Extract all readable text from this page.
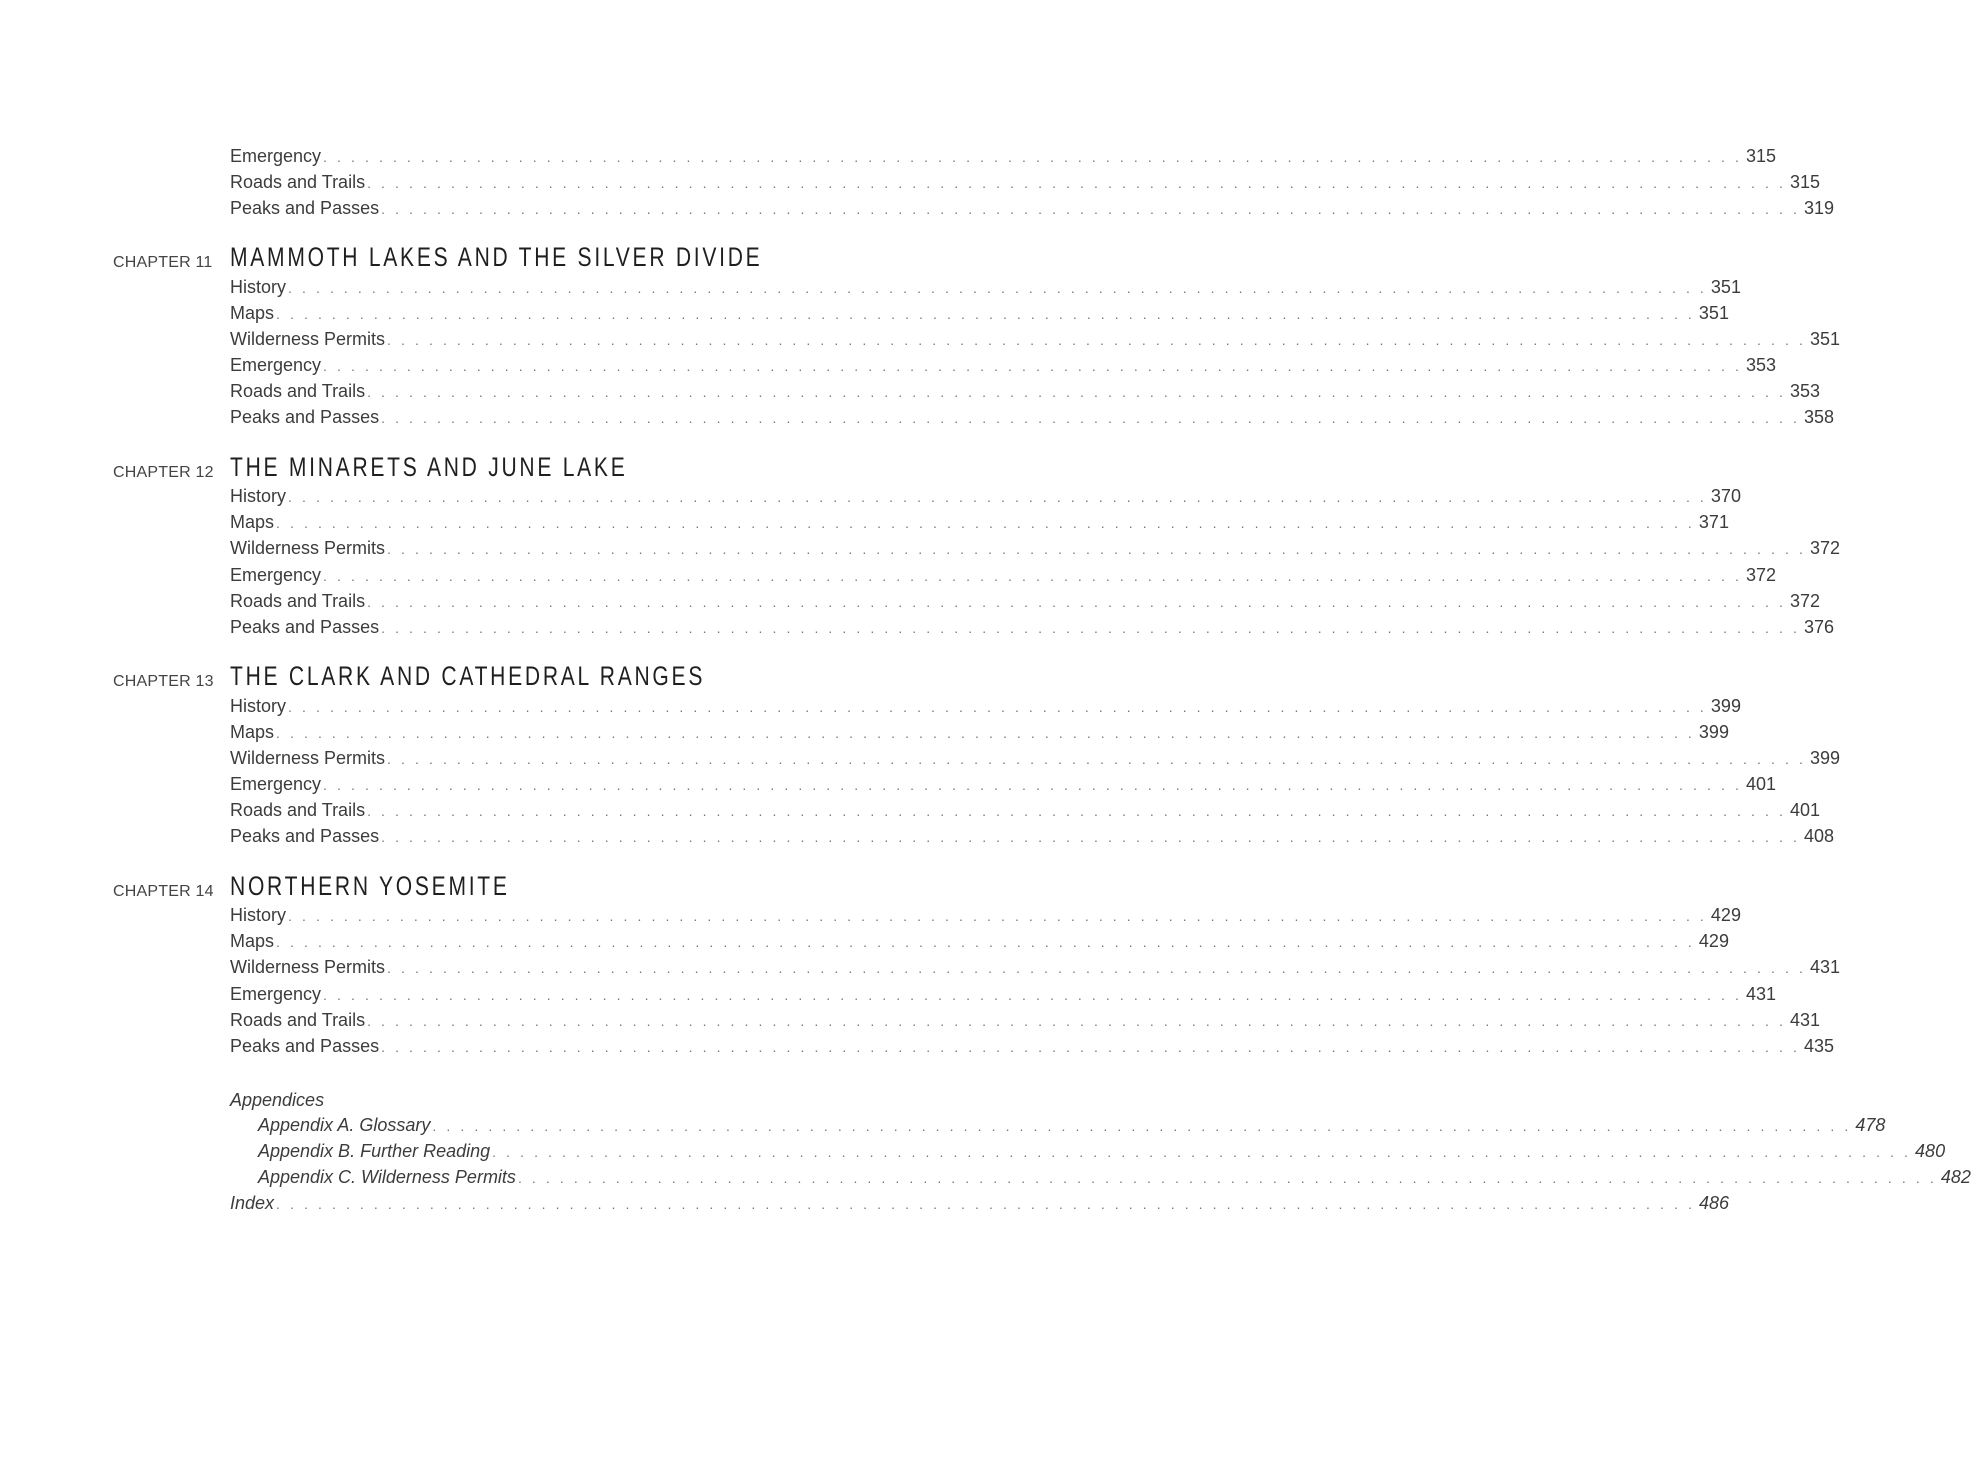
Emergency . . . . . . . . . . . . . . . . . . . . . . . . . . . . . . . . . . . . . . . . . . . . . . . . . . . . . . . . . . . . . . . . . . . . . . . . . . . . . . . . . . . . . . . . . . . . . . . . . . . . . . 315
Roads and Trails . . . . . . . . . . . . . . . . . . . . . . . . . . . . . . . . . . . . . . . . . . . . . . . . . . . . . . . . . . . . . . . . . . . . . . . . . . . . . . . . . . . . . . . . . . . . . . . . . . . . . . 315
Peaks and Passes . . . . . . . . . . . . . . . . . . . . . . . . . . . . . . . . . . . . . . . . . . . . . . . . . . . . . . . . . . . . . . . . . . . . . . . . . . . . . . . . . . . . . . . . . . . . . . . . . . . . . . 319
CHAPTER 11 MAMMOTH LAKES AND THE SILVER DIVIDE
History . . . . . . . . . . . . . . . . . . . . . . . . . . . . . . . . . . . . . . . . . . . . . . . . . . . . . . . . . . . . . . . . . . . . . . . . . . . . . . . . . . . . . . . . . . . . . . . . . . . . . . 351
Maps . . . . . . . . . . . . . . . . . . . . . . . . . . . . . . . . . . . . . . . . . . . . . . . . . . . . . . . . . . . . . . . . . . . . . . . . . . . . . . . . . . . . . . . . . . . . . . . . . . . . . . 351
Wilderness Permits . . . . . . . . . . . . . . . . . . . . . . . . . . . . . . . . . . . . . . . . . . . . . . . . . . . . . . . . . . . . . . . . . . . . . . . . . . . . . . . . . . . . . . . . . . . . . . . . . . . . . . 351
Emergency . . . . . . . . . . . . . . . . . . . . . . . . . . . . . . . . . . . . . . . . . . . . . . . . . . . . . . . . . . . . . . . . . . . . . . . . . . . . . . . . . . . . . . . . . . . . . . . . . . . . . . 353
Roads and Trails . . . . . . . . . . . . . . . . . . . . . . . . . . . . . . . . . . . . . . . . . . . . . . . . . . . . . . . . . . . . . . . . . . . . . . . . . . . . . . . . . . . . . . . . . . . . . . . . . . . . . . 353
Peaks and Passes . . . . . . . . . . . . . . . . . . . . . . . . . . . . . . . . . . . . . . . . . . . . . . . . . . . . . . . . . . . . . . . . . . . . . . . . . . . . . . . . . . . . . . . . . . . . . . . . . . . . . . 358
CHAPTER 12 THE MINARETS AND JUNE LAKE
History . . . . . . . . . . . . . . . . . . . . . . . . . . . . . . . . . . . . . . . . . . . . . . . . . . . . . . . . . . . . . . . . . . . . . . . . . . . . . . . . . . . . . . . . . . . . . . . . . . . . . . 370
Maps . . . . . . . . . . . . . . . . . . . . . . . . . . . . . . . . . . . . . . . . . . . . . . . . . . . . . . . . . . . . . . . . . . . . . . . . . . . . . . . . . . . . . . . . . . . . . . . . . . . . . . 371
Wilderness Permits . . . . . . . . . . . . . . . . . . . . . . . . . . . . . . . . . . . . . . . . . . . . . . . . . . . . . . . . . . . . . . . . . . . . . . . . . . . . . . . . . . . . . . . . . . . . . . . . . . . . . . 372
Emergency . . . . . . . . . . . . . . . . . . . . . . . . . . . . . . . . . . . . . . . . . . . . . . . . . . . . . . . . . . . . . . . . . . . . . . . . . . . . . . . . . . . . . . . . . . . . . . . . . . . . . . 372
Roads and Trails . . . . . . . . . . . . . . . . . . . . . . . . . . . . . . . . . . . . . . . . . . . . . . . . . . . . . . . . . . . . . . . . . . . . . . . . . . . . . . . . . . . . . . . . . . . . . . . . . . . . . . 372
Peaks and Passes . . . . . . . . . . . . . . . . . . . . . . . . . . . . . . . . . . . . . . . . . . . . . . . . . . . . . . . . . . . . . . . . . . . . . . . . . . . . . . . . . . . . . . . . . . . . . . . . . . . . . . 376
CHAPTER 13 THE CLARK AND CATHEDRAL RANGES
History . . . . . . . . . . . . . . . . . . . . . . . . . . . . . . . . . . . . . . . . . . . . . . . . . . . . . . . . . . . . . . . . . . . . . . . . . . . . . . . . . . . . . . . . . . . . . . . . . . . . . . 399
Maps . . . . . . . . . . . . . . . . . . . . . . . . . . . . . . . . . . . . . . . . . . . . . . . . . . . . . . . . . . . . . . . . . . . . . . . . . . . . . . . . . . . . . . . . . . . . . . . . . . . . . . 399
Wilderness Permits . . . . . . . . . . . . . . . . . . . . . . . . . . . . . . . . . . . . . . . . . . . . . . . . . . . . . . . . . . . . . . . . . . . . . . . . . . . . . . . . . . . . . . . . . . . . . . . . . . . . . . 399
Emergency . . . . . . . . . . . . . . . . . . . . . . . . . . . . . . . . . . . . . . . . . . . . . . . . . . . . . . . . . . . . . . . . . . . . . . . . . . . . . . . . . . . . . . . . . . . . . . . . . . . . . . 401
Roads and Trails . . . . . . . . . . . . . . . . . . . . . . . . . . . . . . . . . . . . . . . . . . . . . . . . . . . . . . . . . . . . . . . . . . . . . . . . . . . . . . . . . . . . . . . . . . . . . . . . . . . . . . 401
Peaks and Passes . . . . . . . . . . . . . . . . . . . . . . . . . . . . . . . . . . . . . . . . . . . . . . . . . . . . . . . . . . . . . . . . . . . . . . . . . . . . . . . . . . . . . . . . . . . . . . . . . . . . . . 408
CHAPTER 14 NORTHERN YOSEMITE
History . . . . . . . . . . . . . . . . . . . . . . . . . . . . . . . . . . . . . . . . . . . . . . . . . . . . . . . . . . . . . . . . . . . . . . . . . . . . . . . . . . . . . . . . . . . . . . . . . . . . . . 429
Maps . . . . . . . . . . . . . . . . . . . . . . . . . . . . . . . . . . . . . . . . . . . . . . . . . . . . . . . . . . . . . . . . . . . . . . . . . . . . . . . . . . . . . . . . . . . . . . . . . . . . . . 429
Wilderness Permits . . . . . . . . . . . . . . . . . . . . . . . . . . . . . . . . . . . . . . . . . . . . . . . . . . . . . . . . . . . . . . . . . . . . . . . . . . . . . . . . . . . . . . . . . . . . . . . . . . . . . . 431
Emergency . . . . . . . . . . . . . . . . . . . . . . . . . . . . . . . . . . . . . . . . . . . . . . . . . . . . . . . . . . . . . . . . . . . . . . . . . . . . . . . . . . . . . . . . . . . . . . . . . . . . . . 431
Roads and Trails . . . . . . . . . . . . . . . . . . . . . . . . . . . . . . . . . . . . . . . . . . . . . . . . . . . . . . . . . . . . . . . . . . . . . . . . . . . . . . . . . . . . . . . . . . . . . . . . . . . . . . 431
Peaks and Passes . . . . . . . . . . . . . . . . . . . . . . . . . . . . . . . . . . . . . . . . . . . . . . . . . . . . . . . . . . . . . . . . . . . . . . . . . . . . . . . . . . . . . . . . . . . . . . . . . . . . . . 435
Appendices
Appendix A. Glossary . . . . . . . . . . . . . . . . . . . . . . . . . . . . . . . . . . . . . . . . . . . . . . . . . . . . . . . . . . . . . . . . . . . . . . . . . . . . . . . . . . . . . . . . . . . . . . . . . . . . . . 478
Appendix B. Further Reading . . . . . . . . . . . . . . . . . . . . . . . . . . . . . . . . . . . . . . . . . . . . . . . . . . . . . . . . . . . . . . . . . . . . . . . . . . . . . . . . . . . . . . . . . . . . . . . . . . . . . . 480
Appendix C. Wilderness Permits . . . . . . . . . . . . . . . . . . . . . . . . . . . . . . . . . . . . . . . . . . . . . . . . . . . . . . . . . . . . . . . . . . . . . . . . . . . . . . . . . . . . . . . . . . . . . . . . . . . . . . 482
Index . . . . . . . . . . . . . . . . . . . . . . . . . . . . . . . . . . . . . . . . . . . . . . . . . . . . . . . . . . . . . . . . . . . . . . . . . . . . . . . . . . . . . . . . . . . . . . . . . . . . . . 486
